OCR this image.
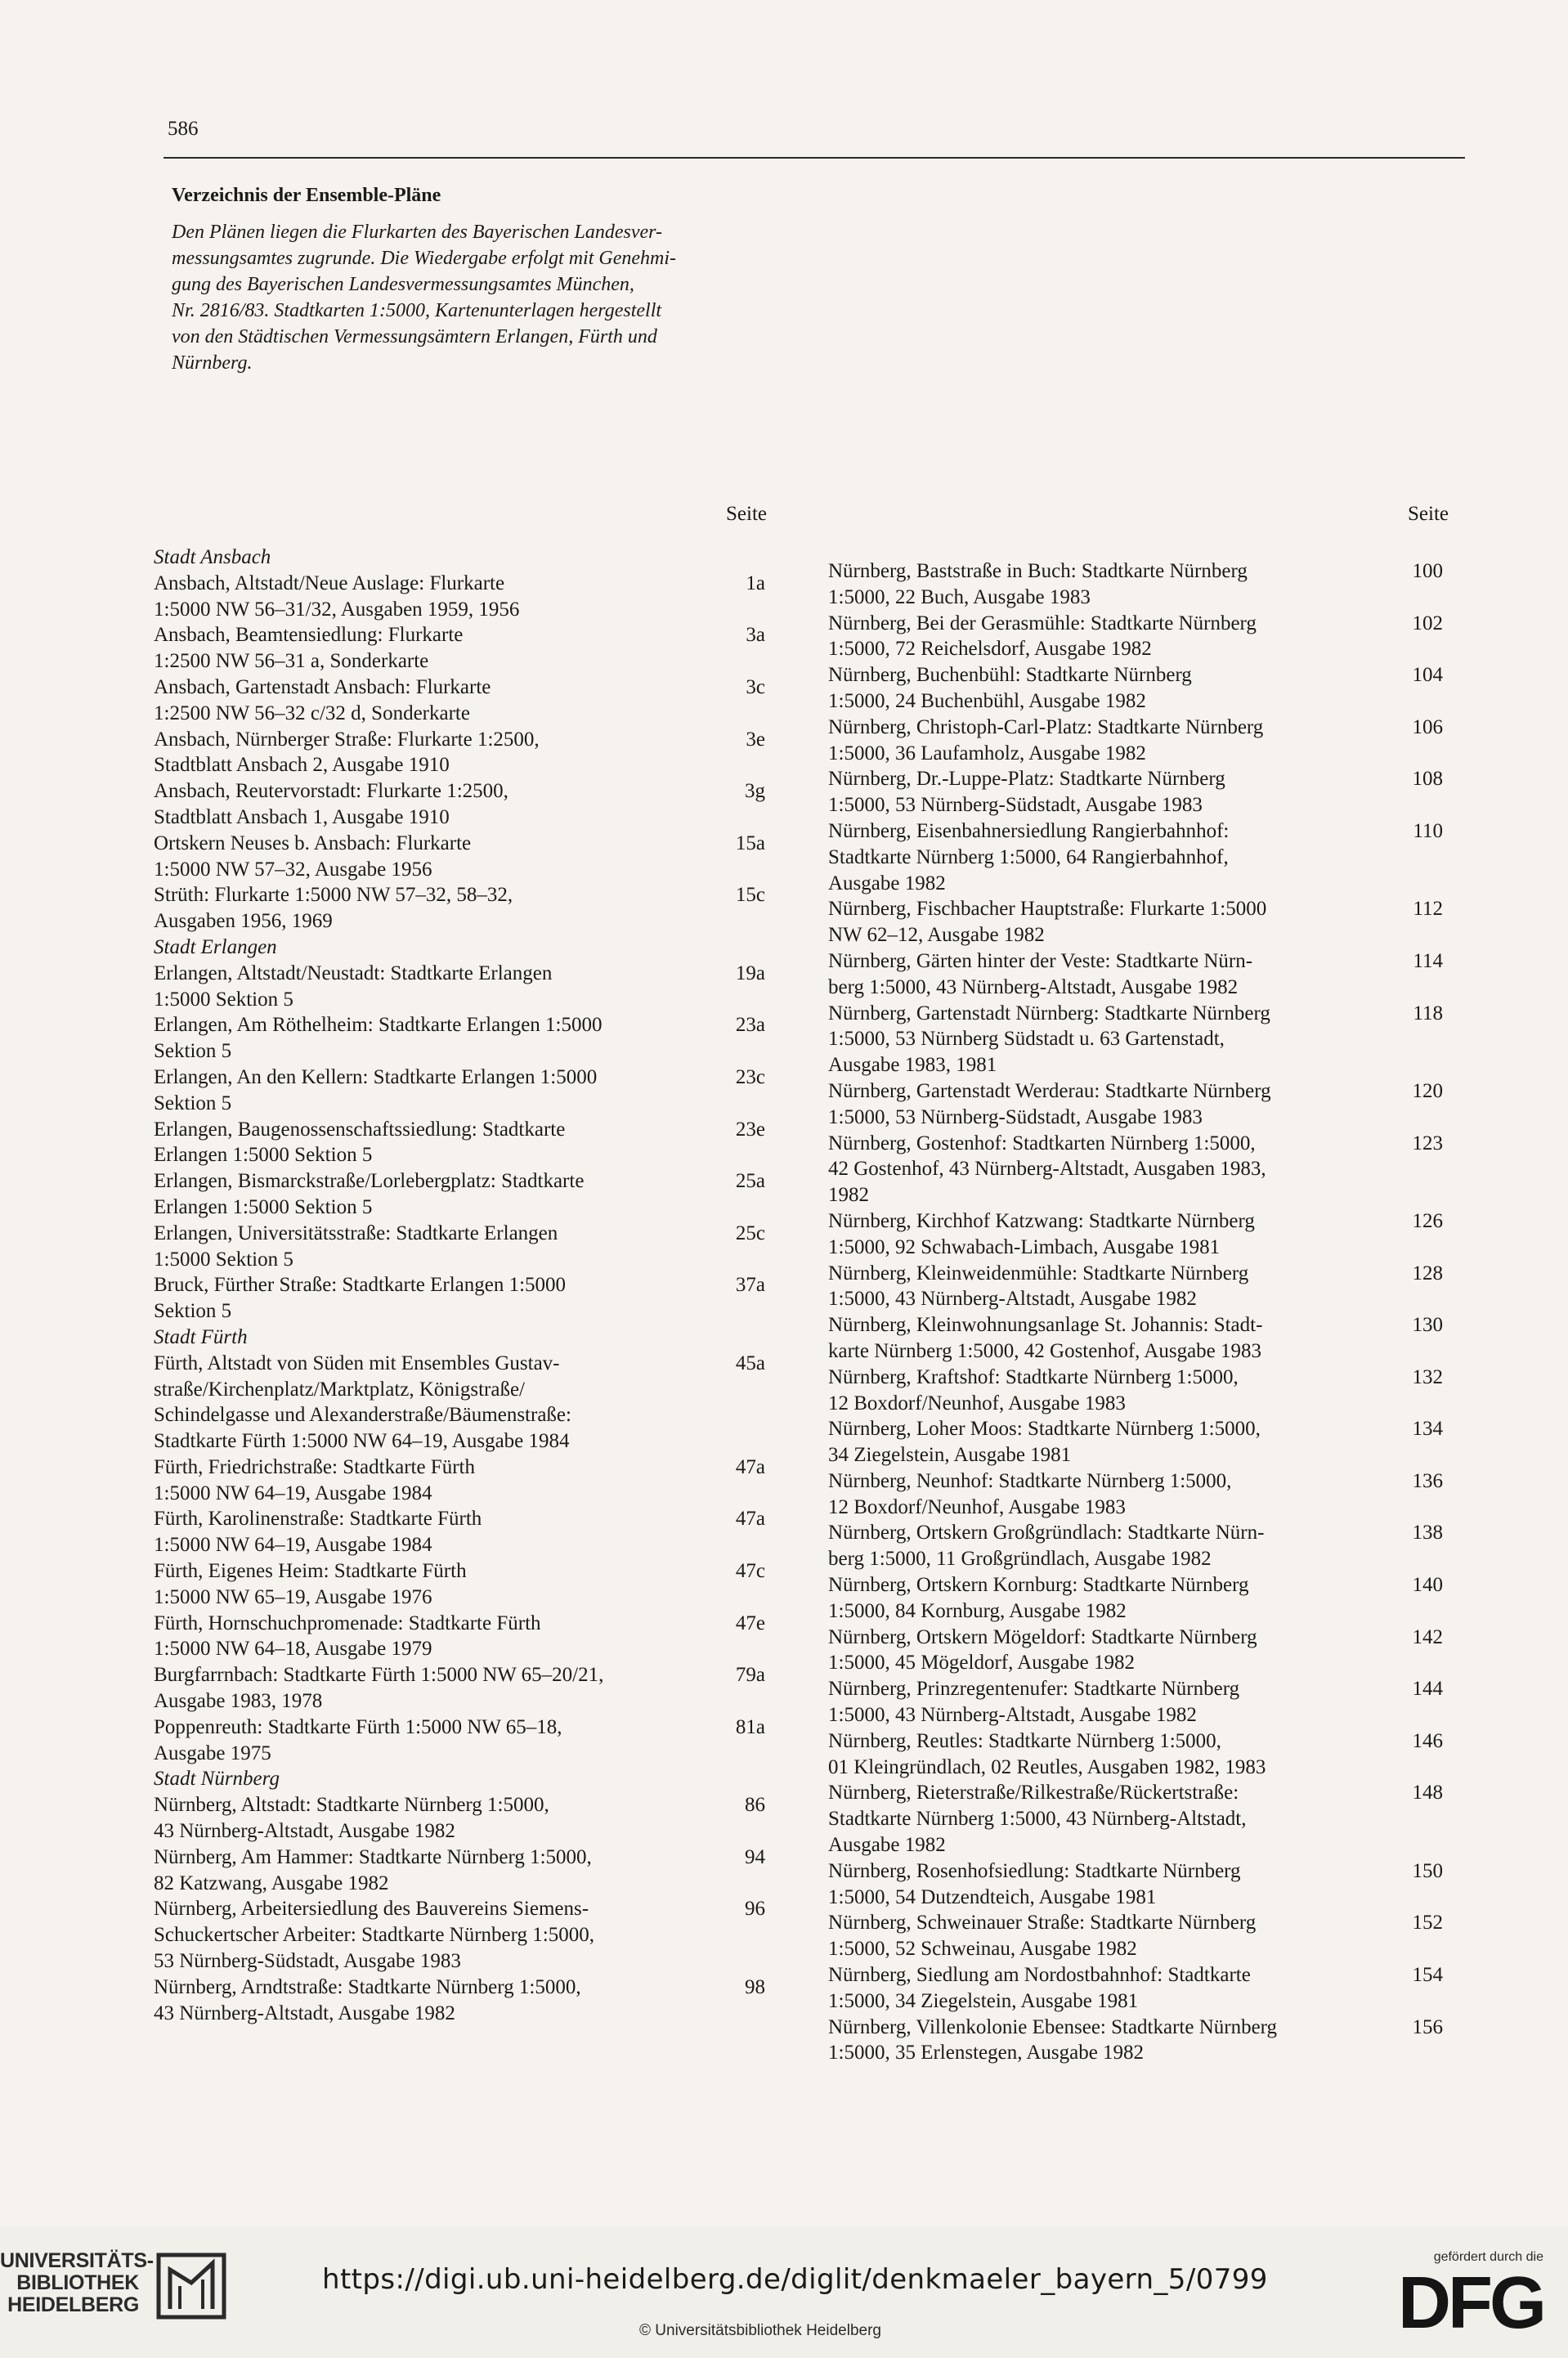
586
Verzeichnis der Ensemble-Pläne
Den Plänen liegen die Flurkarten des Bayerischen Landesver-
messungsamtes zugrunde. Die Wiedergabe erfolgt mit Genehmi-
gung des Bayerischen Landesvermessungsamtes München,
Nr. 2816/83. Stadtkarten 1:5000, Kartenunterlagen hergestellt
von den Städtischen Vermessungsämtern Erlangen, Fürth und
Nürnberg.
Seite	Seite
Stadt Ansbach
Ansbach, Altstadt/Neue Auslage: Flurkarte	1a
1:5000 NW 56–31/32, Ausgaben 1959, 1956
Ansbach, Beamtensiedlung: Flurkarte	3a
1:2500 NW 56–31 a, Sonderkarte
Ansbach, Gartenstadt Ansbach: Flurkarte	3c
1:2500 NW 56–32 c/32 d, Sonderkarte
Ansbach, Nürnberger Straße: Flurkarte 1:2500,	3e
Stadtblatt Ansbach 2, Ausgabe 1910
Ansbach, Reutervorstadt: Flurkarte 1:2500,	3g
Stadtblatt Ansbach 1, Ausgabe 1910
Ortskern Neuses b. Ansbach: Flurkarte	15a
1:5000 NW 57–32, Ausgabe 1956
Strüth: Flurkarte 1:5000 NW 57–32, 58–32,	15c
Ausgaben 1956, 1969
Stadt Erlangen
Erlangen, Altstadt/Neustadt: Stadtkarte Erlangen	19a
1:5000 Sektion 5
Erlangen, Am Röthelheim: Stadtkarte Erlangen 1:5000	23a
Sektion 5
Erlangen, An den Kellern: Stadtkarte Erlangen 1:5000	23c
Sektion 5
Erlangen, Baugenossenschaftssiedlung: Stadtkarte	23e
Erlangen 1:5000 Sektion 5
Erlangen, Bismarckstraße/Lorlebergplatz: Stadtkarte	25a
Erlangen 1:5000 Sektion 5
Erlangen, Universitätsstraße: Stadtkarte Erlangen	25c
1:5000 Sektion 5
Bruck, Fürther Straße: Stadtkarte Erlangen 1:5000	37a
Sektion 5
Stadt Fürth
Fürth, Altstadt von Süden mit Ensembles Gustav-	45a
straße/Kirchenplatz/Marktplatz, Königstraße/
Schindelgasse und Alexanderstraße/Bäumenstraße:
Stadtkarte Fürth 1:5000 NW 64–19, Ausgabe 1984
Fürth, Friedrichstraße: Stadtkarte Fürth	47a
1:5000 NW 64–19, Ausgabe 1984
Fürth, Karolinenstraße: Stadtkarte Fürth	47a
1:5000 NW 64–19, Ausgabe 1984
Fürth, Eigenes Heim: Stadtkarte Fürth	47c
1:5000 NW 65–19, Ausgabe 1976
Fürth, Hornschuchpromenade: Stadtkarte Fürth	47e
1:5000 NW 64–18, Ausgabe 1979
Burgfarrnbach: Stadtkarte Fürth 1:5000 NW 65–20/21,	79a
Ausgabe 1983, 1978
Poppenreuth: Stadtkarte Fürth 1:5000 NW 65–18,	81a
Ausgabe 1975
Stadt Nürnberg
Nürnberg, Altstadt: Stadtkarte Nürnberg 1:5000,	86
43 Nürnberg-Altstadt, Ausgabe 1982
Nürnberg, Am Hammer: Stadtkarte Nürnberg 1:5000,	94
82 Katzwang, Ausgabe 1982
Nürnberg, Arbeitersiedlung des Bauvereins Siemens-	96
Schuckertscher Arbeiter: Stadtkarte Nürnberg 1:5000,
53 Nürnberg-Südstadt, Ausgabe 1983
Nürnberg, Arndtstraße: Stadtkarte Nürnberg 1:5000,	98
43 Nürnberg-Altstadt, Ausgabe 1982
Nürnberg, Baststraße in Buch: Stadtkarte Nürnberg	100
1:5000, 22 Buch, Ausgabe 1983
Nürnberg, Bei der Gerasmühle: Stadtkarte Nürnberg	102
1:5000, 72 Reichelsdorf, Ausgabe 1982
Nürnberg, Buchenbühl: Stadtkarte Nürnberg	104
1:5000, 24 Buchenbühl, Ausgabe 1982
Nürnberg, Christoph-Carl-Platz: Stadtkarte Nürnberg	106
1:5000, 36 Laufamholz, Ausgabe 1982
Nürnberg, Dr.-Luppe-Platz: Stadtkarte Nürnberg	108
1:5000, 53 Nürnberg-Südstadt, Ausgabe 1983
Nürnberg, Eisenbahnersiedlung Rangierbahnhof:	110
Stadtkarte Nürnberg 1:5000, 64 Rangierbahnhof,
Ausgabe 1982
Nürnberg, Fischbacher Hauptstraße: Flurkarte 1:5000	112
NW 62–12, Ausgabe 1982
Nürnberg, Gärten hinter der Veste: Stadtkarte Nürn-	114
berg 1:5000, 43 Nürnberg-Altstadt, Ausgabe 1982
Nürnberg, Gartenstadt Nürnberg: Stadtkarte Nürnberg	118
1:5000, 53 Nürnberg Südstadt u. 63 Gartenstadt,
Ausgabe 1983, 1981
Nürnberg, Gartenstadt Werderau: Stadtkarte Nürnberg	120
1:5000, 53 Nürnberg-Südstadt, Ausgabe 1983
Nürnberg, Gostenhof: Stadtkarten Nürnberg 1:5000,	123
42 Gostenhof, 43 Nürnberg-Altstadt, Ausgaben 1983,
1982
Nürnberg, Kirchhof Katzwang: Stadtkarte Nürnberg	126
1:5000, 92 Schwabach-Limbach, Ausgabe 1981
Nürnberg, Kleinweidenmühle: Stadtkarte Nürnberg	128
1:5000, 43 Nürnberg-Altstadt, Ausgabe 1982
Nürnberg, Kleinwohnungsanlage St. Johannis: Stadt-	130
karte Nürnberg 1:5000, 42 Gostenhof, Ausgabe 1983
Nürnberg, Kraftshof: Stadtkarte Nürnberg 1:5000,	132
12 Boxdorf/Neunhof, Ausgabe 1983
Nürnberg, Loher Moos: Stadtkarte Nürnberg 1:5000,	134
34 Ziegelstein, Ausgabe 1981
Nürnberg, Neunhof: Stadtkarte Nürnberg 1:5000,	136
12 Boxdorf/Neunhof, Ausgabe 1983
Nürnberg, Ortskern Großgründlach: Stadtkarte Nürn-	138
berg 1:5000, 11 Großgründlach, Ausgabe 1982
Nürnberg, Ortskern Kornburg: Stadtkarte Nürnberg	140
1:5000, 84 Kornburg, Ausgabe 1982
Nürnberg, Ortskern Mögeldorf: Stadtkarte Nürnberg	142
1:5000, 45 Mögeldorf, Ausgabe 1982
Nürnberg, Prinzregentenufer: Stadtkarte Nürnberg	144
1:5000, 43 Nürnberg-Altstadt, Ausgabe 1982
Nürnberg, Reutles: Stadtkarte Nürnberg 1:5000,	146
01 Kleingründlach, 02 Reutles, Ausgaben 1982, 1983
Nürnberg, Rieterstraße/Rilkestraße/Rückertstraße:	148
Stadtkarte Nürnberg 1:5000, 43 Nürnberg-Altstadt,
Ausgabe 1982
Nürnberg, Rosenhofsiedlung: Stadtkarte Nürnberg	150
1:5000, 54 Dutzendteich, Ausgabe 1981
Nürnberg, Schweinauer Straße: Stadtkarte Nürnberg	152
1:5000, 52 Schweinau, Ausgabe 1982
Nürnberg, Siedlung am Nordostbahnhof: Stadtkarte	154
1:5000, 34 Ziegelstein, Ausgabe 1981
Nürnberg, Villenkolonie Ebensee: Stadtkarte Nürnberg	156
1:5000, 35 Erlenstegen, Ausgabe 1982
UNIVERSITÄTS-
BIBLIOTHEK
HEIDELBERG
https://digi.ub.uni-heidelberg.de/diglit/denkmaeler_bayern_5/0799
© Universitätsbibliothek Heidelberg
gefördert durch die
DFG
